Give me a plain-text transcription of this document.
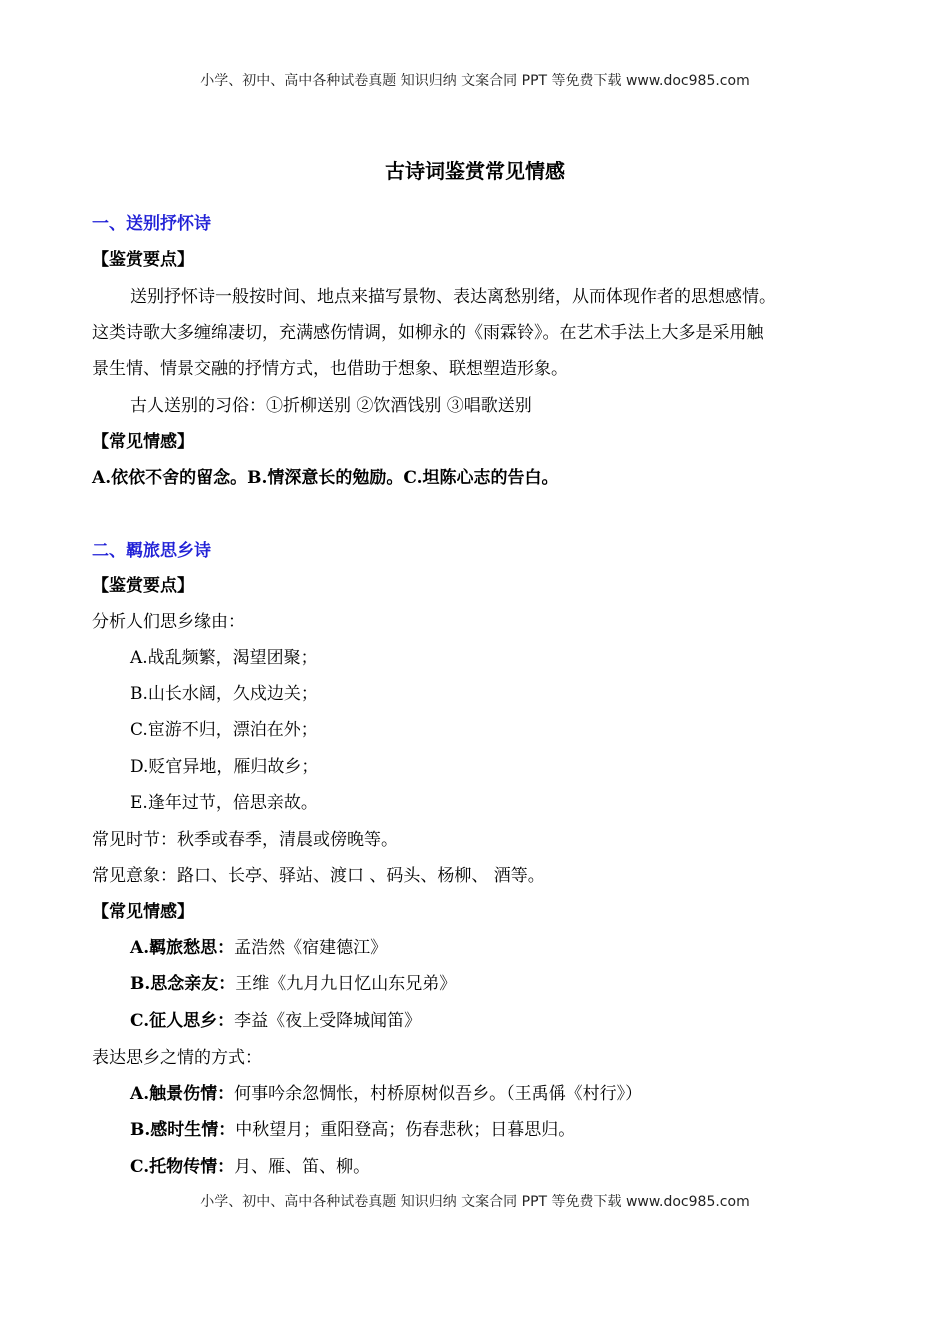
小学、初中、高中各种试卷真题 知识归纳 文案合同 PPT 等免费下载 www.doc985.com
古诗词鉴赏常见情感
一、送别抒怀诗
【鉴赏要点】
送别抒怀诗一般按时间、地点来描写景物、表达离愁别绪，从而体现作者的思想感情。
这类诗歌大多缠绵凄切，充满感伤情调，如柳永的《雨霖铃》。在艺术手法上大多是采用触
景生情、情景交融的抒情方式，也借助于想象、联想塑造形象。
古人送别的习俗：①折柳送别 ②饮酒饯别 ③唱歌送别
【常见情感】
A.依依不舍的留念。B.情深意长的勉励。C.坦陈心志的告白。
二、羁旅思乡诗
【鉴赏要点】
分析人们思乡缘由：
A.战乱频繁，渴望团聚；
B.山长水阔，久戍边关；
C.宦游不归，漂泊在外；
D.贬官异地，雁归故乡；
E.逢年过节，倍思亲故。
常见时节：秋季或春季，清晨或傍晚等。
常见意象：路口、长亭、驿站、渡口 、码头、杨柳、 酒等。
【常见情感】
A.羁旅愁思：孟浩然《宿建德江》
B.思念亲友：王维《九月九日忆山东兄弟》
C.征人思乡：李益《夜上受降城闻笛》
表达思乡之情的方式：
A.触景伤情：何事吟余忽惆怅，村桥原树似吾乡。（王禹偁《村行》）
B.感时生情：中秋望月；重阳登高；伤春悲秋；日暮思归。
C.托物传情：月、雁、笛、柳。
小学、初中、高中各种试卷真题 知识归纳 文案合同 PPT 等免费下载 www.doc985.com
